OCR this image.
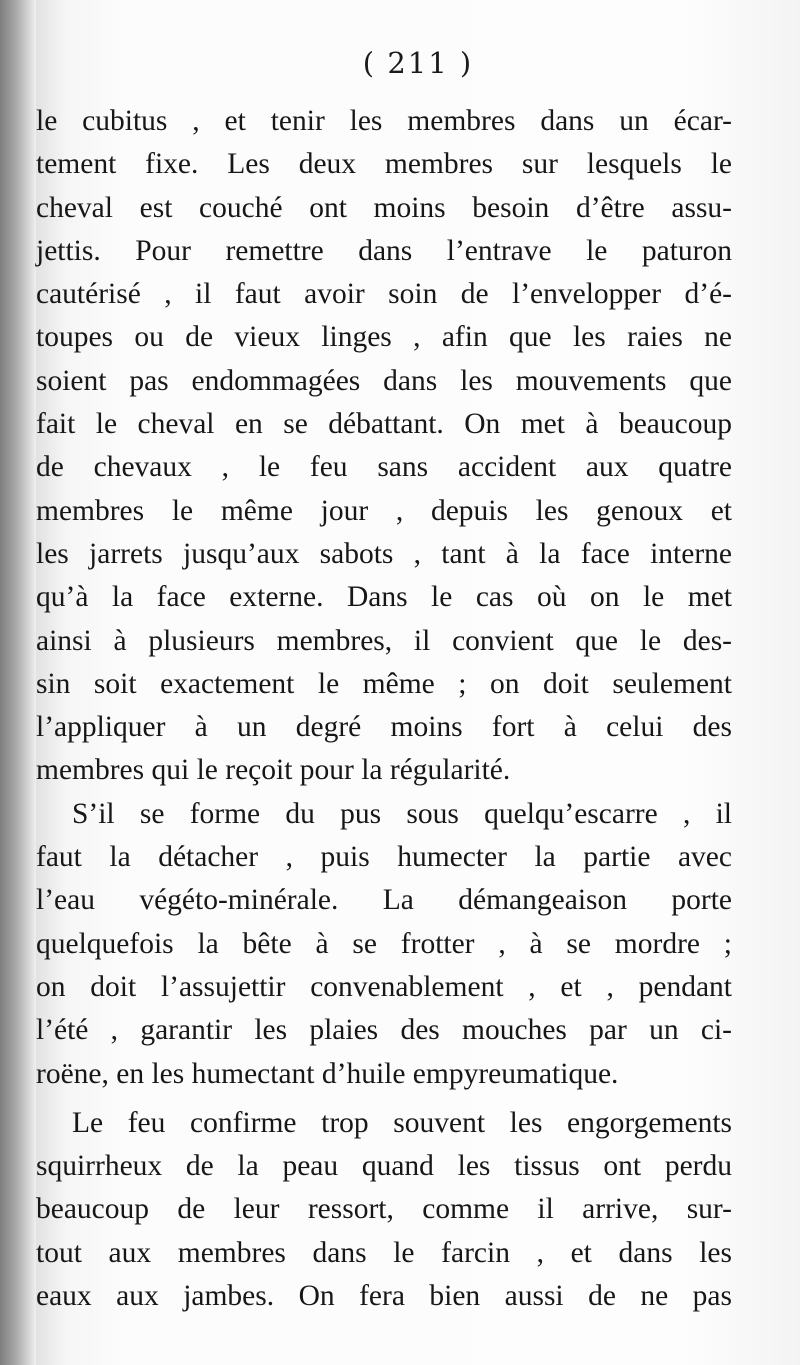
( 211 )
le cubitus , et tenir les membres dans un écar-
tement fixe. Les deux membres sur lesquels le
cheval est couché ont moins besoin d’être assu-
jettis. Pour remettre dans l’entrave le paturon
cautérisé , il faut avoir soin de l’envelopper d’é-
toupes ou de vieux linges , afin que les raies ne
soient pas endommagées dans les mouvements que
fait le cheval en se débattant. On met à beaucoup
de chevaux , le feu sans accident aux quatre
membres le même jour , depuis les genoux et
les jarrets jusqu’aux sabots , tant à la face interne
qu’à la face externe. Dans le cas où on le met
ainsi à plusieurs membres, il convient que le des-
sin soit exactement le même ; on doit seulement
l’appliquer à un degré moins fort à celui des
membres qui le reçoit pour la régularité.
S’il se forme du pus sous quelqu’escarre , il
faut la détacher , puis humecter la partie avec
l’eau végéto-minérale. La démangeaison porte
quelquefois la bête à se frotter , à se mordre ;
on doit l’assujettir convenablement , et , pendant
l’été , garantir les plaies des mouches par un ci-
roëne, en les humectant d’huile empyreumatique.
Le feu confirme trop souvent les engorgements
squirrheux de la peau quand les tissus ont perdu
beaucoup de leur ressort, comme il arrive, sur-
tout aux membres dans le farcin , et dans les
eaux aux jambes. On fera bien aussi de ne pas
